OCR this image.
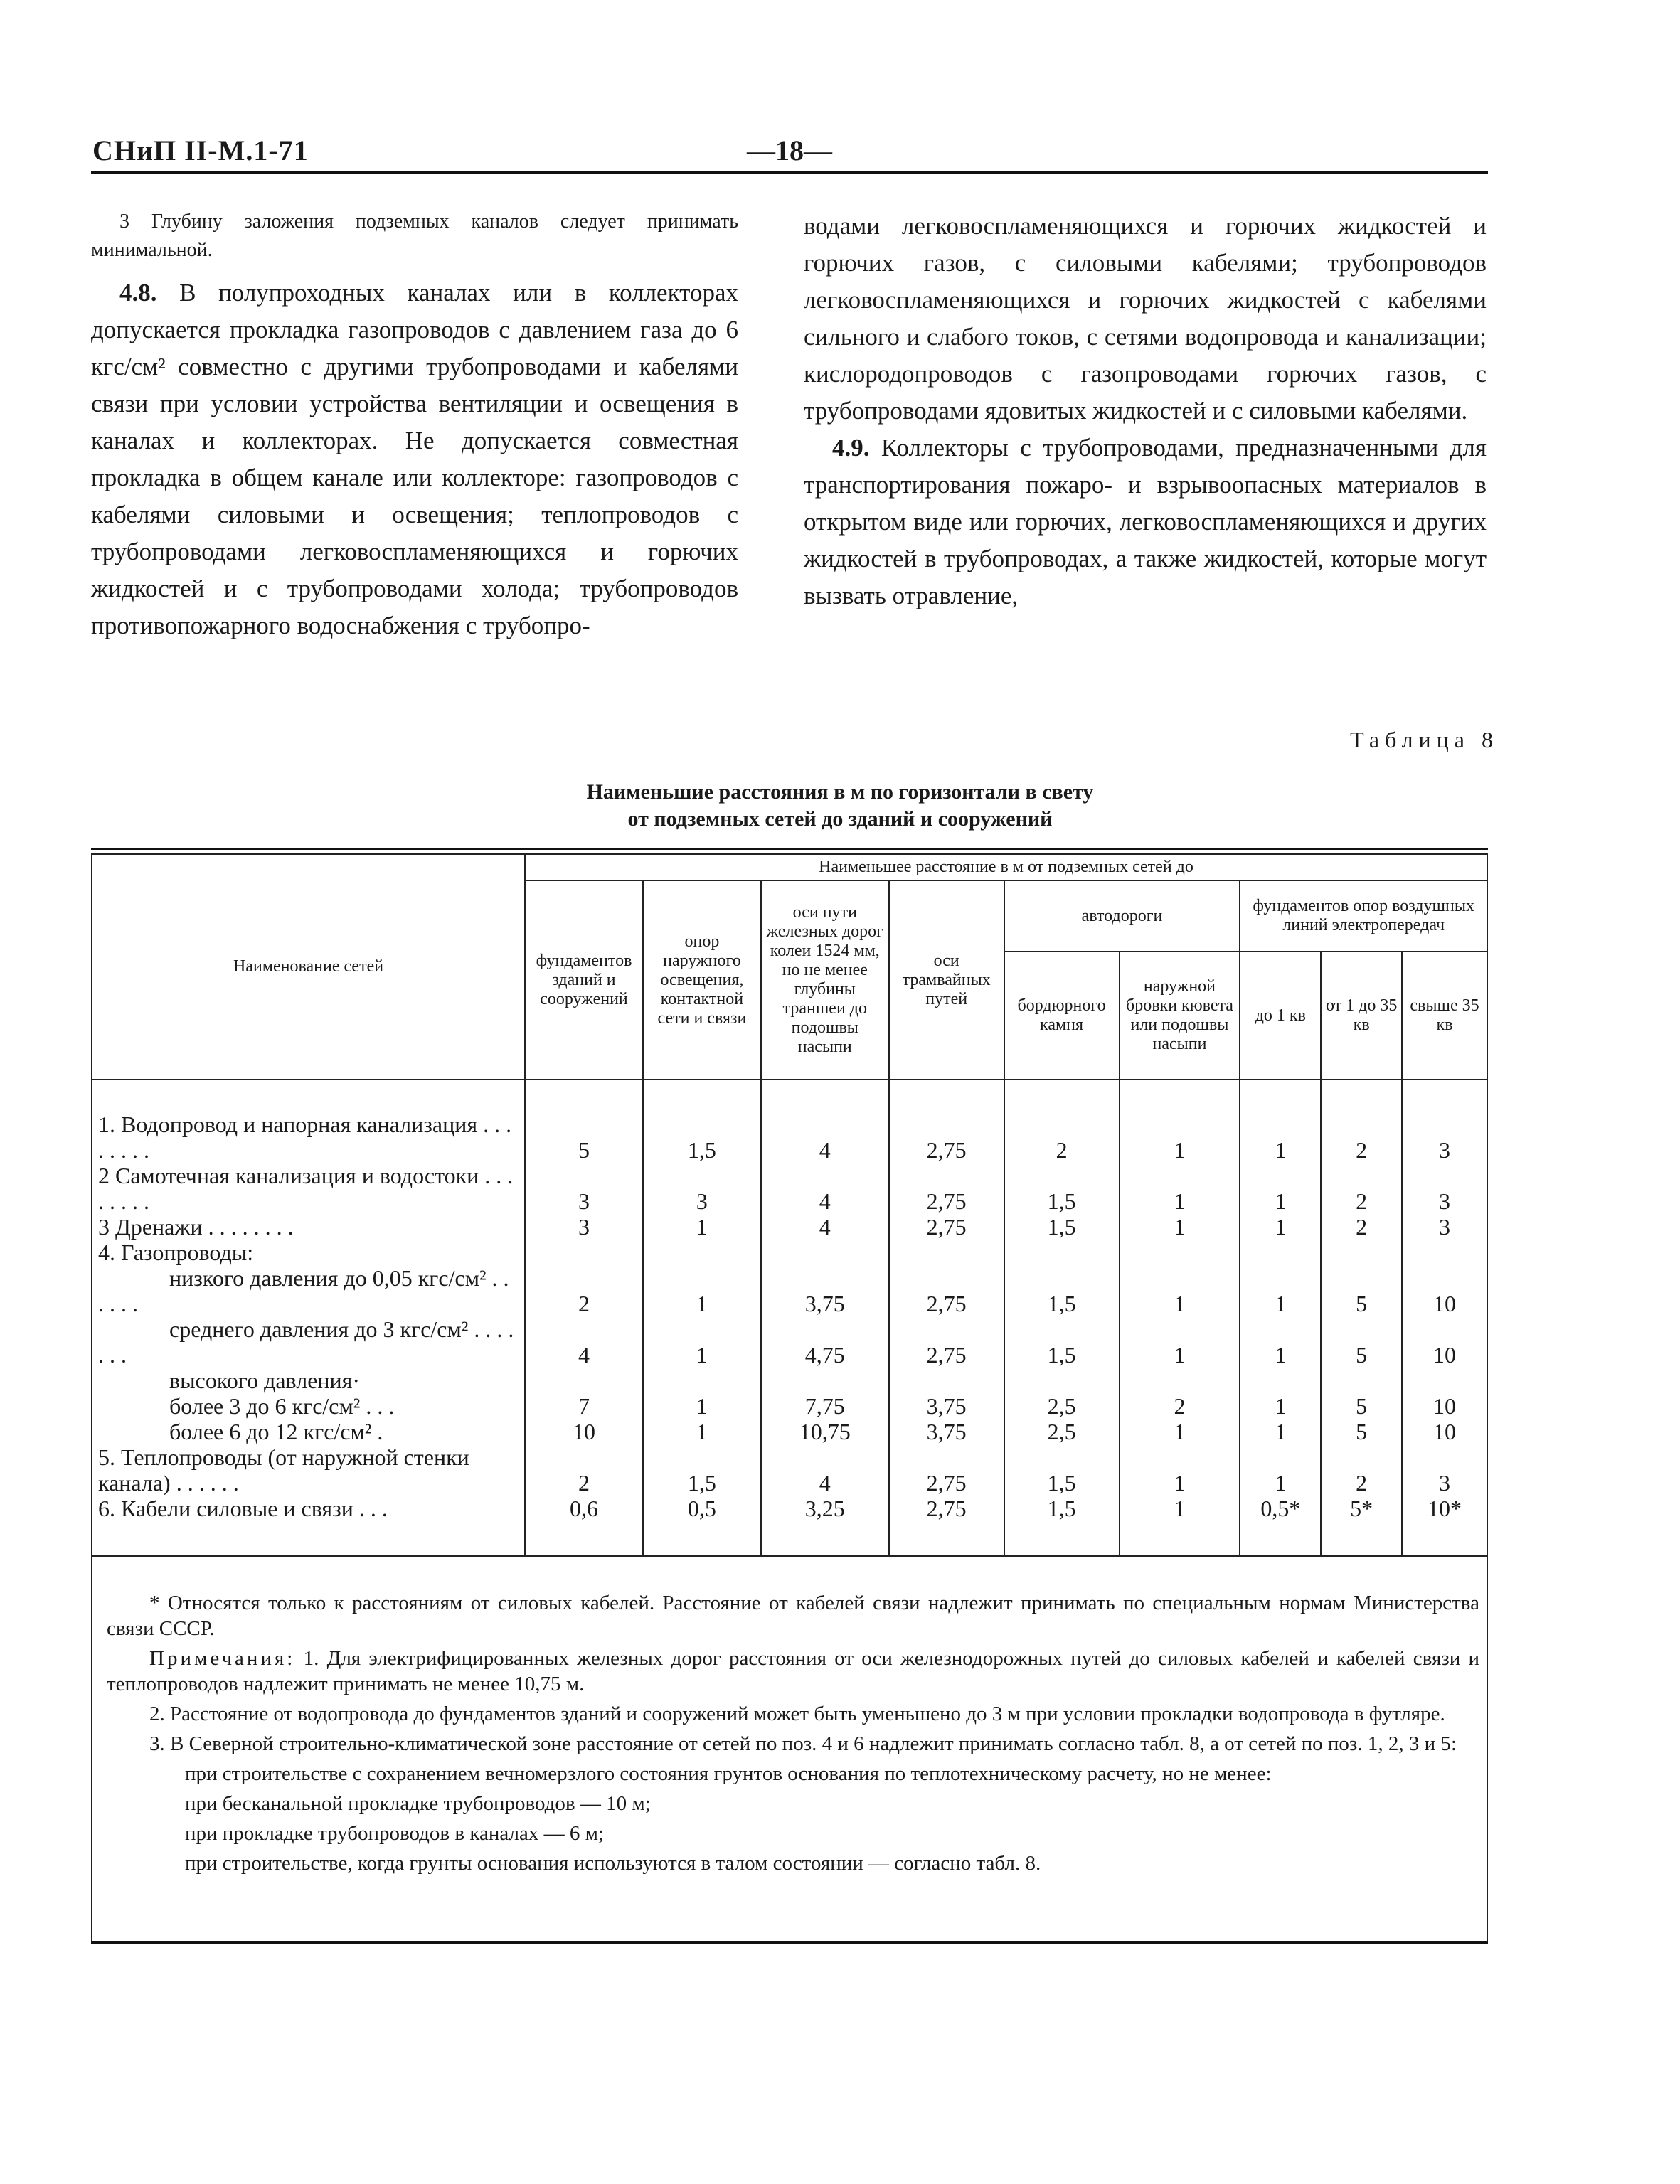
СНиП II-М.1-71	—18—

3 Глубину заложения подземных каналов следует принимать минимальной.

4.8. В полупроходных каналах или в коллекторах допускается прокладка газопроводов с давлением газа до 6 кгс/см² совместно с другими трубопроводами и кабелями связи при условии устройства вентиляции и освещения в каналах и коллекторах. Не допускается совместная прокладка в общем канале или коллекторе: газопроводов с кабелями силовыми и освещения; теплопроводов с трубопроводами легковоспламеняющихся и горючих жидкостей и с трубопроводами холода; трубопроводов противопожарного водоснабжения с трубопро-

водами легковоспламеняющихся и горючих жидкостей и горючих газов, с силовыми кабелями; трубопроводов легковоспламеняющихся и горючих жидкостей с кабелями сильного и слабого токов, с сетями водопровода и канализации; кислородопроводов с газопроводами горючих газов, с трубопроводами ядовитых жидкостей и с силовыми кабелями.

4.9. Коллекторы с трубопроводами, предназначенными для транспортирования пожаро- и взрывоопасных материалов в открытом виде или горючих, легковоспламеняющихся и других жидкостей в трубопроводах, а также жидкостей, которые могут вызвать отравление,

Таблица 8
Наименьшие расстояния в м по горизонтали в свету
от подземных сетей до зданий и сооружений
Наименование сетей	Наименьшее расстояние в м от подземных сетей до								
	фундаментов зданий и сооружений	опор наружного освещения, контактной сети и связи	оси пути железных дорог колеи 1524 мм, но не менее глубины траншеи до подошвы насыпи	оси трамвайных путей	автодороги		фундаментов опор воздушных линий электропередач		
					бордюрного камня	наружной бровки кювета или подошвы насыпи	до 1 кв	от 1 до 35 кв	свыше 35 кв
1. Водопровод и напорная канализация . . . . . . . .	5	1,5	4	2,75	2	1	1	2	3
2 Самотечная канализация и водостоки . . . . . . . .	3	3	4	2,75	1,5	1	1	2	3
3 Дренажи . . . . . . . .	3	1	4	2,75	1,5	1	1	2	3
4. Газопроводы:									
низкого давления до 0,05 кгс/см² . . . . . .	2	1	3,75	2,75	1,5	1	1	5	10
среднего давления до 3 кгс/см² . . . . . . .	4	1	4,75	2,75	1,5	1	1	5	10
высокого давления·									
более 3 до 6 кгс/см² . . .	7	1	7,75	3,75	2,5	2	1	5	10
более 6 до 12 кгс/см² .	10	1	10,75	3,75	2,5	1	1	5	10
5. Теплопроводы (от наружной стенки канала) . . . . . .	2	1,5	4	2,75	1,5	1	1	2	3
6. Кабели силовые и связи . . .	0,6	0,5	3,25	2,75	1,5	1	0,5*	5*	10*

* Относятся только к расстояниям от силовых кабелей. Расстояние от кабелей связи надлежит принимать по специальным нормам Министерства связи СССР.

Примечания: 1. Для электрифицированных железных дорог расстояния от оси железнодорожных путей до силовых кабелей и кабелей связи и теплопроводов надлежит принимать не менее 10,75 м.

2. Расстояние от водопровода до фундаментов зданий и сооружений может быть уменьшено до 3 м при условии прокладки водопровода в футляре.

3. В Северной строительно-климатической зоне расстояние от сетей по поз. 4 и 6 надлежит принимать согласно табл. 8, а от сетей по поз. 1, 2, 3 и 5:

при строительстве с сохранением вечномерзлого состояния грунтов основания по теплотехническому расчету, но не менее:

при бесканальной прокладке трубопроводов — 10 м;

при прокладке трубопроводов в каналах — 6 м;

при строительстве, когда грунты основания используются в талом состоянии — согласно табл. 8.
